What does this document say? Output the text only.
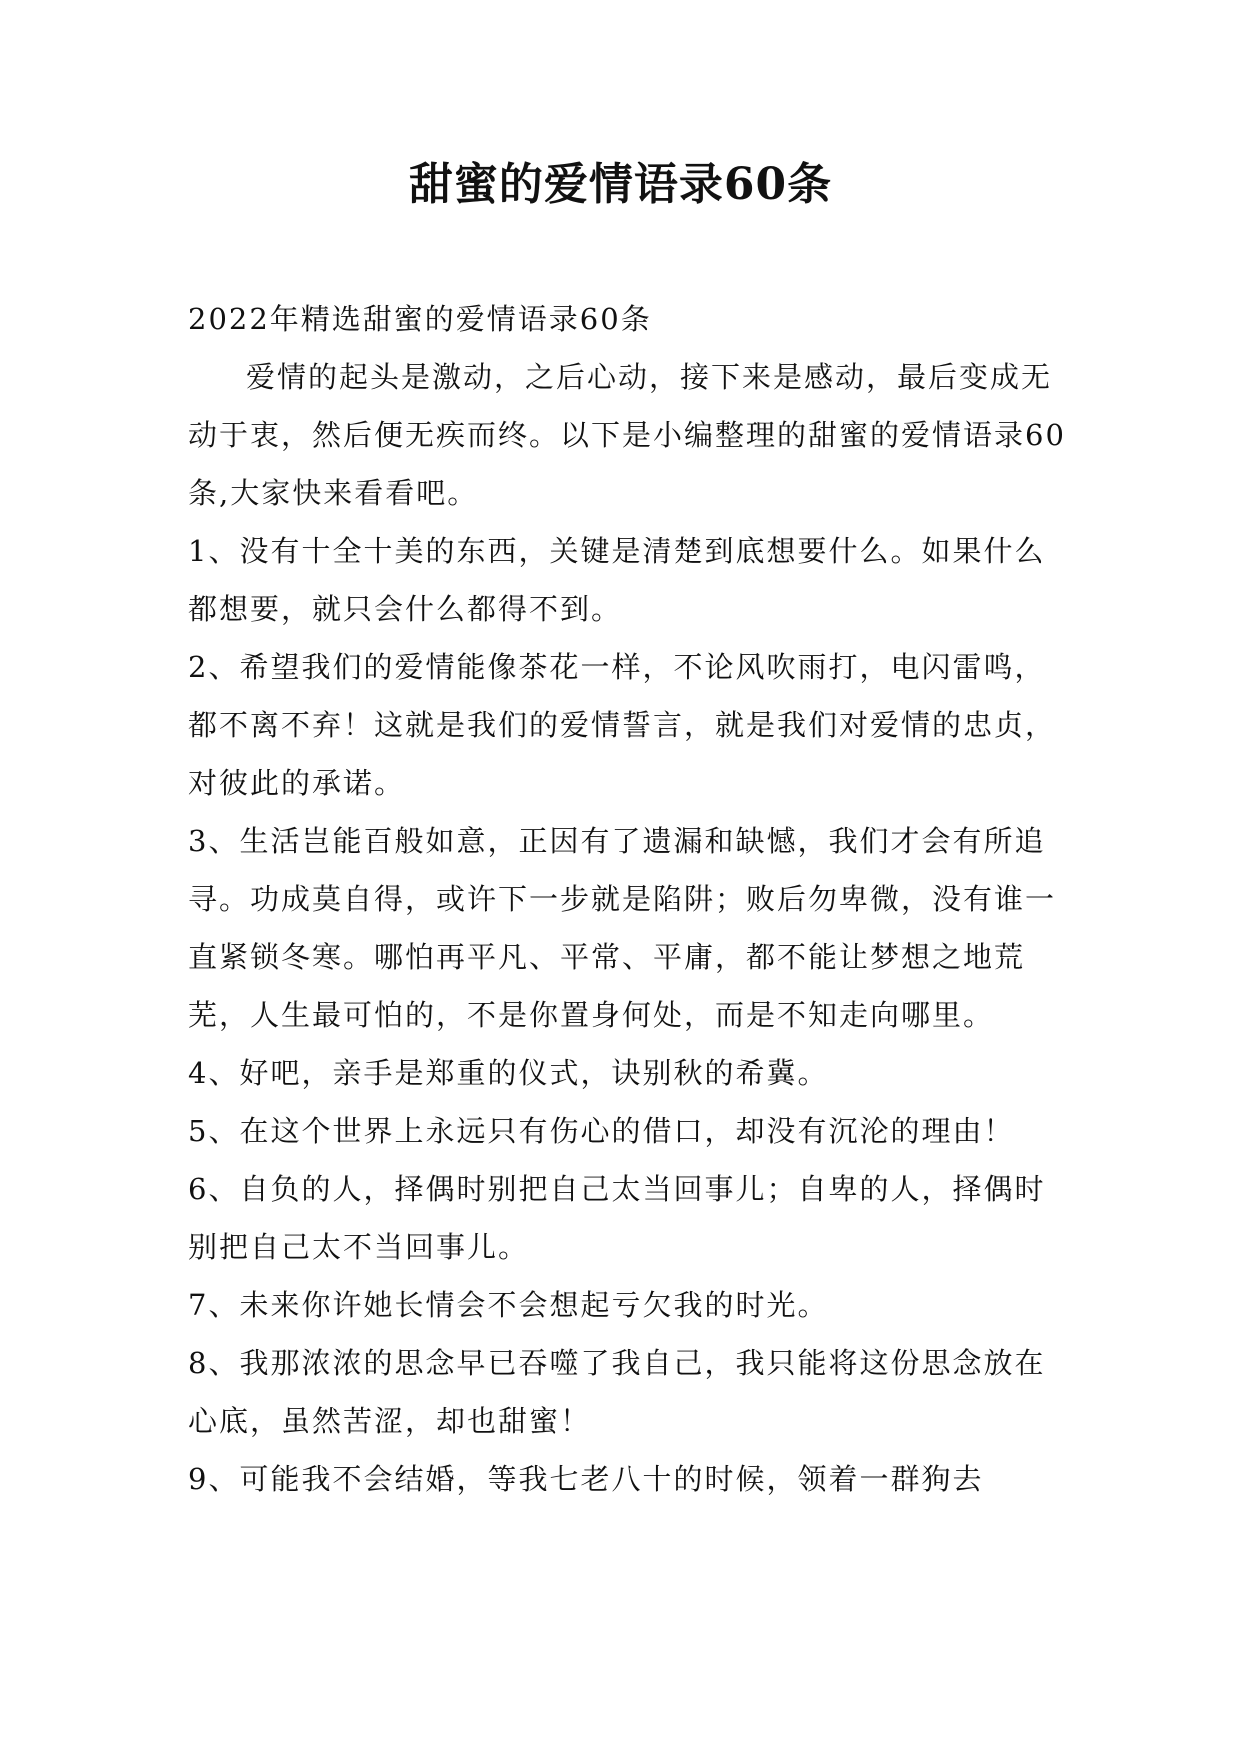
甜蜜的爱情语录60条

2022年精选甜蜜的爱情语录60条

爱情的起头是激动，之后心动，接下来是感动，最后变成无动于衷，然后便无疾而终。以下是小编整理的甜蜜的爱情语录60条,大家快来看看吧。

1、没有十全十美的东西，关键是清楚到底想要什么。如果什么都想要，就只会什么都得不到。

2、希望我们的爱情能像茶花一样，不论风吹雨打，电闪雷鸣，都不离不弃！这就是我们的爱情誓言，就是我们对爱情的忠贞，对彼此的承诺。

3、生活岂能百般如意，正因有了遗漏和缺憾，我们才会有所追寻。功成莫自得，或许下一步就是陷阱；败后勿卑微，没有谁一直紧锁冬寒。哪怕再平凡、平常、平庸，都不能让梦想之地荒芜，人生最可怕的，不是你置身何处，而是不知走向哪里。

4、好吧，亲手是郑重的仪式，诀别秋的希冀。

5、在这个世界上永远只有伤心的借口，却没有沉沦的理由！

6、自负的人，择偶时别把自己太当回事儿；自卑的人，择偶时别把自己太不当回事儿。

7、未来你许她长情会不会想起亏欠我的时光。

8、我那浓浓的思念早已吞噬了我自己，我只能将这份思念放在心底，虽然苦涩，却也甜蜜！

9、可能我不会结婚，等我七老八十的时候，领着一群狗去
